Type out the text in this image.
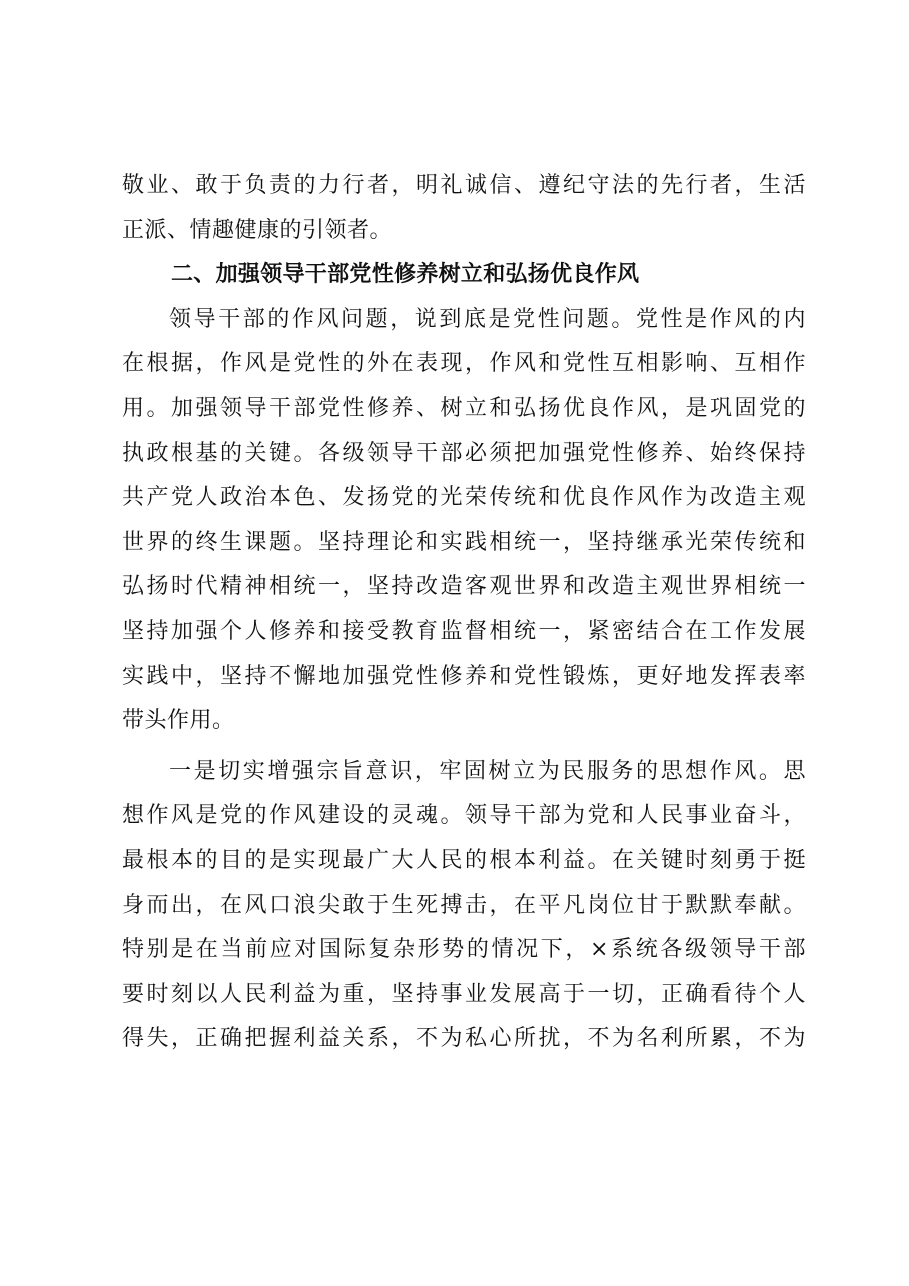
敬业、敢于负责的力行者，明礼诚信、遵纪守法的先行者，生活
正派、情趣健康的引领者。
二、加强领导干部党性修养树立和弘扬优良作风
领导干部的作风问题，说到底是党性问题。党性是作风的内
在根据，作风是党性的外在表现，作风和党性互相影响、互相作
用。加强领导干部党性修养、树立和弘扬优良作风，是巩固党的
执政根基的关键。各级领导干部必须把加强党性修养、始终保持
共产党人政治本色、发扬党的光荣传统和优良作风作为改造主观
世界的终生课题。坚持理论和实践相统一，坚持继承光荣传统和
弘扬时代精神相统一，坚持改造客观世界和改造主观世界相统一
坚持加强个人修养和接受教育监督相统一，紧密结合在工作发展
实践中，坚持不懈地加强党性修养和党性锻炼，更好地发挥表率
带头作用。
一是切实增强宗旨意识，牢固树立为民服务的思想作风。思
想作风是党的作风建设的灵魂。领导干部为党和人民事业奋斗，
最根本的目的是实现最广大人民的根本利益。在关键时刻勇于挺
身而出，在风口浪尖敢于生死搏击，在平凡岗位甘于默默奉献。
特别是在当前应对国际复杂形势的情况下，×系统各级领导干部
要时刻以人民利益为重，坚持事业发展高于一切，正确看待个人
得失，正确把握利益关系，不为私心所扰，不为名利所累，不为
